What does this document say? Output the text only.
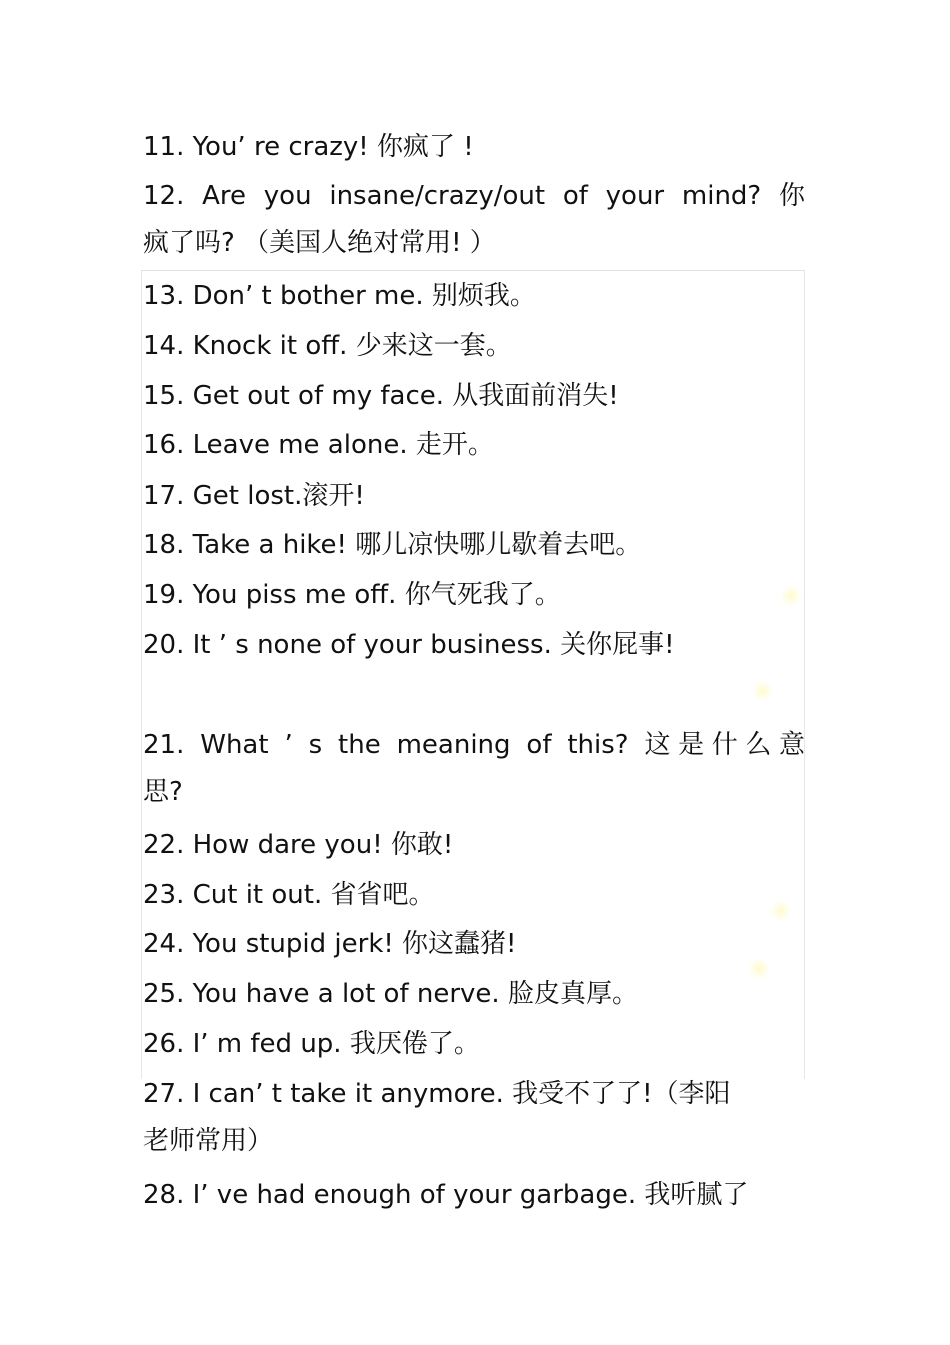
11. You’ re crazy! 你疯了 !
12. Are you insane/crazy/out of your mind? 你
疯了吗? （美国人绝对常用! ）
13. Don’ t bother me. 别烦我。
14. Knock it off. 少来这一套。
15. Get out of my face. 从我面前消失!
16. Leave me alone. 走开。
17. Get lost.滚开!
18. Take a hike! 哪儿凉快哪儿歇着去吧。
19. You piss me off. 你气死我了。
20. It ’ s none of your business. 关你屁事!
21. What ’ s the meaning of this? 这是什么意
思?
22. How dare you! 你敢!
23. Cut it out. 省省吧。
24. You stupid jerk! 你这蠢猪!
25. You have a lot of nerve. 脸皮真厚。
26. I’ m fed up. 我厌倦了。
27. I can’ t take it anymore. 我受不了了!（李阳
老师常用）
28. I’ ve had enough of your garbage. 我听腻了
